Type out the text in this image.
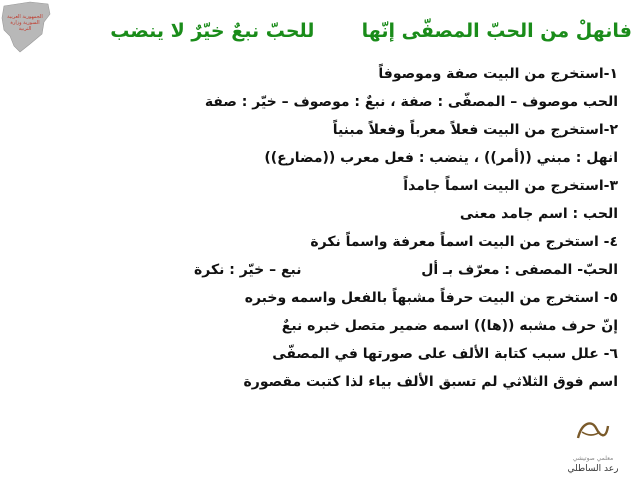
الجمهورية العربية السورية وزارة التربية	فانهلْ من الحبّ المصفّى إنّها  للحبّ نبعٌ خيّرٌ لا ينضب
١-استخرج من البيت صفة وموصوفاً
الحب موصوف – المصفّى : صفة ، نبعٌ : موصوف – خيّر : صفة
٢-استخرج من البيت فعلاً معرباً وفعلاً مبنياً
انهل : مبني ((أمر)) ، ينضب : فعل معرب ((مضارع))
٣-استخرج من البيت اسماً جامداً
الحب : اسم جامد معنى
٤- استخرج من البيت اسماً معرفة واسماً نكرة
الحبّ- المصفى : معرّف بـ أل  نبع – خيّر : نكرة
٥- استخرج من البيت حرفاً مشبهاً بالفعل واسمه وخبره
إنّ حرف مشبه ((ها)) اسمه ضمير متصل خبره نبعٌ
٦- علل سبب كتابة الألف على صورتها في المصفّى
اسم فوق الثلاثي لم تسبق الألف بياء لذا كتبت مقصورة
معلمي صوتيشي
رعد الساطلي
